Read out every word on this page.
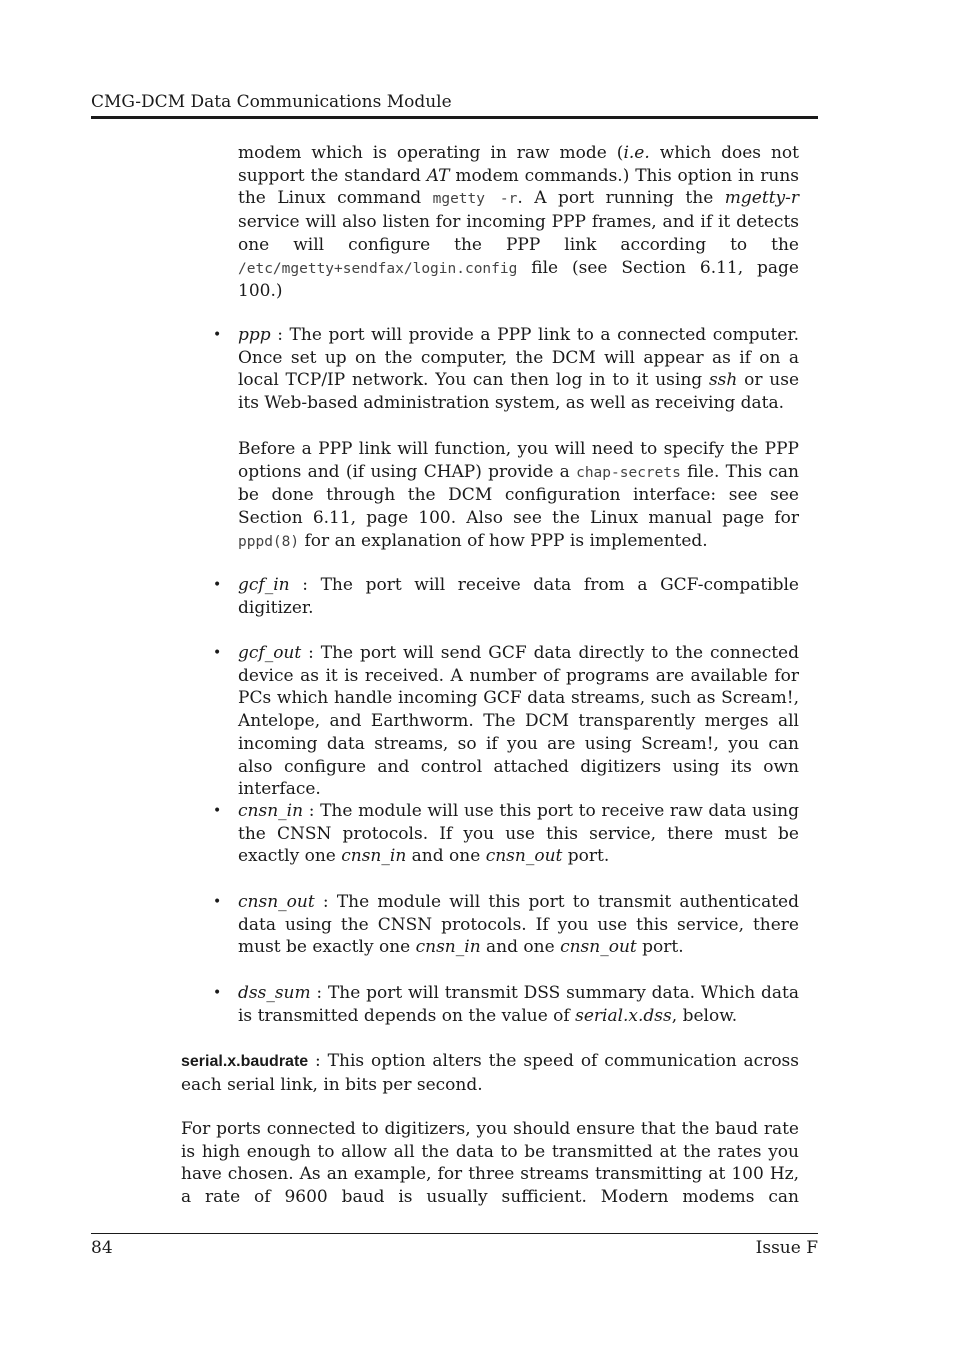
CMG-DCM Data Communications Module

modem which is operating in raw mode (i.e. which does not support the standard AT modem commands.) This option in runs the Linux command mgetty -r. A port running the mgetty-r service will also listen for incoming PPP frames, and if it detects one will configure the PPP link according to the /etc/mgetty+sendfax/login.config file (see Section 6.11, page 100.)

• ppp : The port will provide a PPP link to a connected computer. Once set up on the computer, the DCM will appear as if on a local TCP/IP network. You can then log in to it using ssh or use its Web-based administration system, as well as receiving data.

Before a PPP link will function, you will need to specify the PPP options and (if using CHAP) provide a chap-secrets file. This can be done through the DCM configuration interface: see see Section 6.11, page 100. Also see the Linux manual page for pppd(8) for an explanation of how PPP is implemented.

• gcf_in : The port will receive data from a GCF-compatible digitizer.

• gcf_out : The port will send GCF data directly to the connected device as it is received. A number of programs are available for PCs which handle incoming GCF data streams, such as Scream!, Antelope, and Earthworm. The DCM transparently merges all incoming data streams, so if you are using Scream!, you can also configure and control attached digitizers using its own interface.

• cnsn_in : The module will use this port to receive raw data using the CNSN protocols. If you use this service, there must be exactly one cnsn_in and one cnsn_out port.

• cnsn_out : The module will this port to transmit authenticated data using the CNSN protocols. If you use this service, there must be exactly one cnsn_in and one cnsn_out port.

• dss_sum : The port will transmit DSS summary data. Which data is transmitted depends on the value of serial.x.dss, below.

serial.x.baudrate : This option alters the speed of communication across each serial link, in bits per second.

For ports connected to digitizers, you should ensure that the baud rate is high enough to allow all the data to be transmitted at the rates you have chosen. As an example, for three streams transmitting at 100 Hz, a rate of 9600 baud is usually sufficient. Modern modems can

84	Issue F
